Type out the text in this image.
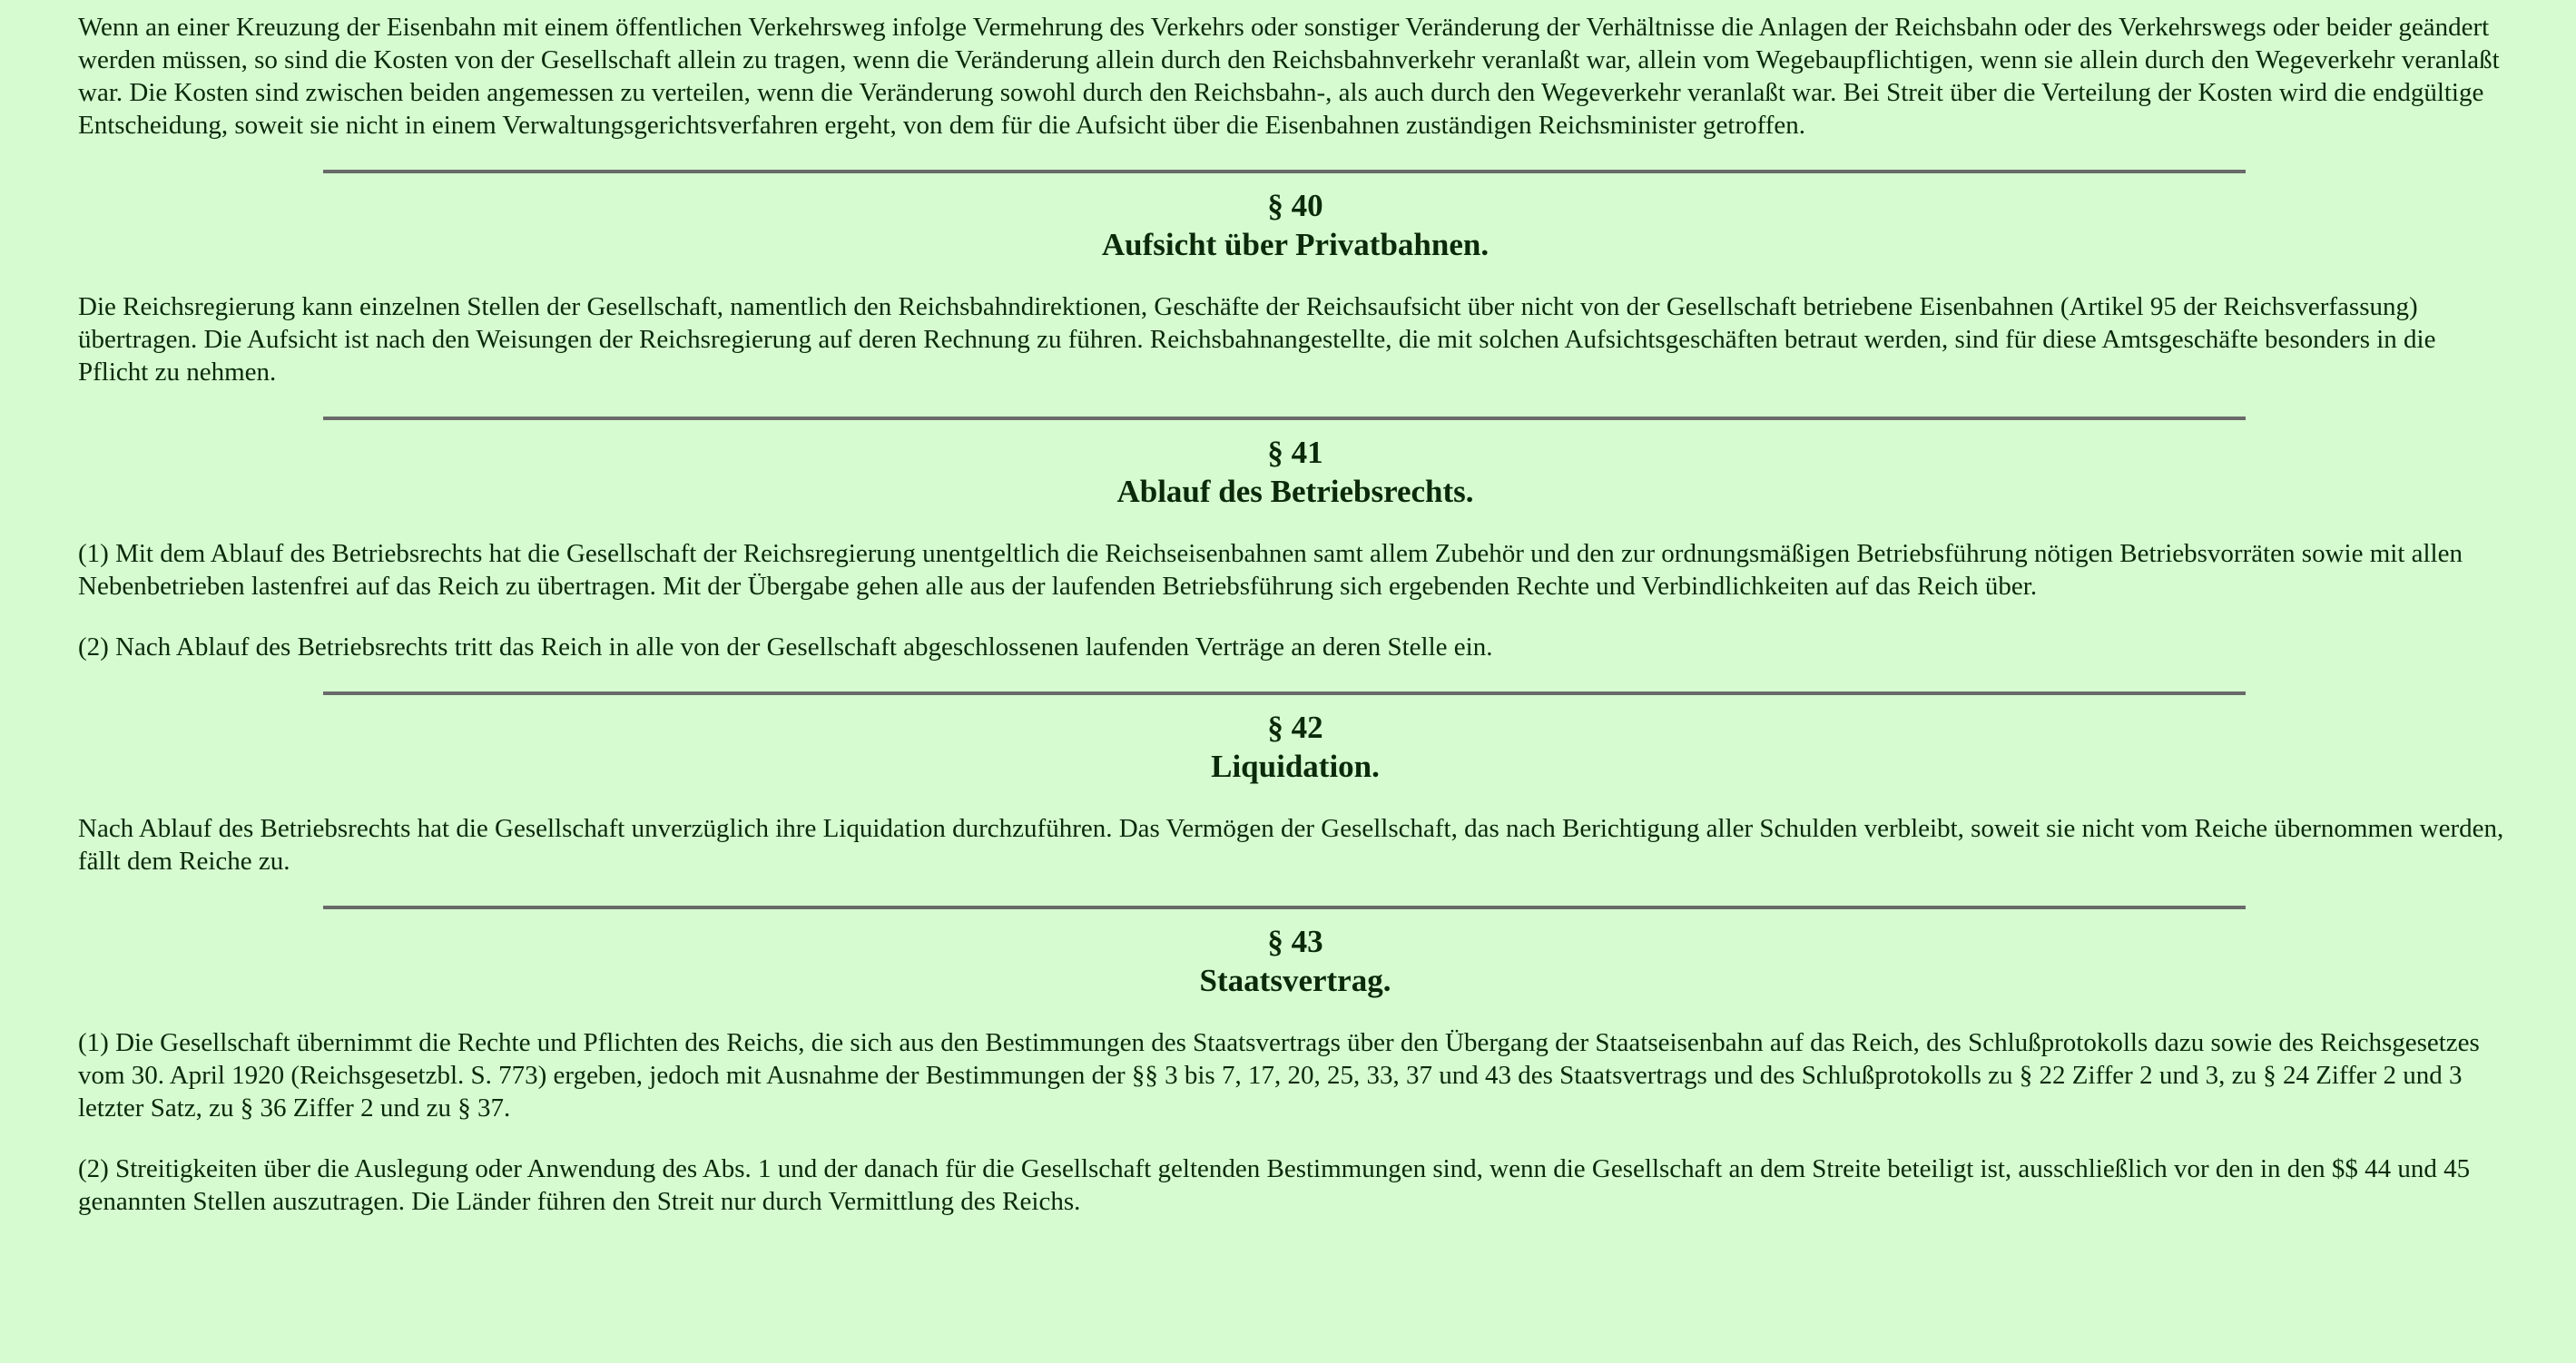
Wenn an einer Kreuzung der Eisenbahn mit einem öffentlichen Verkehrsweg infolge Vermehrung des Verkehrs oder sonstiger Veränderung der Verhältnisse die Anlagen der Reichsbahn oder des Verkehrswegs oder beider geändert werden müssen, so sind die Kosten von der Gesellschaft allein zu tragen, wenn die Veränderung allein durch den Reichsbahnverkehr veranlaßt war, allein vom Wegebaupflichtigen, wenn sie allein durch den Wegeverkehr veranlaßt war. Die Kosten sind zwischen beiden angemessen zu verteilen, wenn die Veränderung sowohl durch den Reichsbahn-, als auch durch den Wegeverkehr veranlaßt war. Bei Streit über die Verteilung der Kosten wird die endgültige Entscheidung, soweit sie nicht in einem Verwaltungsgerichtsverfahren ergeht, von dem für die Aufsicht über die Eisenbahnen zuständigen Reichsminister getroffen.

§ 40
Aufsicht über Privatbahnen.

Die Reichsregierung kann einzelnen Stellen der Gesellschaft, namentlich den Reichsbahndirektionen, Geschäfte der Reichsaufsicht über nicht von der Gesellschaft betriebene Eisenbahnen (Artikel 95 der Reichsverfassung) übertragen. Die Aufsicht ist nach den Weisungen der Reichsregierung auf deren Rechnung zu führen. Reichsbahnangestellte, die mit solchen Aufsichtsgeschäften betraut werden, sind für diese Amtsgeschäfte besonders in die Pflicht zu nehmen.

§ 41
Ablauf des Betriebsrechts.

(1) Mit dem Ablauf des Betriebsrechts hat die Gesellschaft der Reichsregierung unentgeltlich die Reichseisenbahnen samt allem Zubehör und den zur ordnungsmäßigen Betriebsführung nötigen Betriebsvorräten sowie mit allen Nebenbetrieben lastenfrei auf das Reich zu übertragen. Mit der Übergabe gehen alle aus der laufenden Betriebsführung sich ergebenden Rechte und Verbindlichkeiten auf das Reich über.

(2) Nach Ablauf des Betriebsrechts tritt das Reich in alle von der Gesellschaft abgeschlossenen laufenden Verträge an deren Stelle ein.

§ 42
Liquidation.

Nach Ablauf des Betriebsrechts hat die Gesellschaft unverzüglich ihre Liquidation durchzuführen. Das Vermögen der Gesellschaft, das nach Berichtigung aller Schulden verbleibt, soweit sie nicht vom Reiche übernommen werden, fällt dem Reiche zu.

§ 43
Staatsvertrag.

(1) Die Gesellschaft übernimmt die Rechte und Pflichten des Reichs, die sich aus den Bestimmungen des Staatsvertrags über den Übergang der Staatseisenbahn auf das Reich, des Schlußprotokolls dazu sowie des Reichsgesetzes vom 30. April 1920 (Reichsgesetzbl. S. 773) ergeben, jedoch mit Ausnahme der Bestimmungen der §§ 3 bis 7, 17, 20, 25, 33, 37 und 43 des Staatsvertrags und des Schlußprotokolls zu § 22 Ziffer 2 und 3, zu § 24 Ziffer 2 und 3 letzter Satz, zu § 36 Ziffer 2 und zu § 37.

(2) Streitigkeiten über die Auslegung oder Anwendung des Abs. 1 und der danach für die Gesellschaft geltenden Bestimmungen sind, wenn die Gesellschaft an dem Streite beteiligt ist, ausschließlich vor den in den $$ 44 und 45 genannten Stellen auszutragen. Die Länder führen den Streit nur durch Vermittlung des Reichs.
